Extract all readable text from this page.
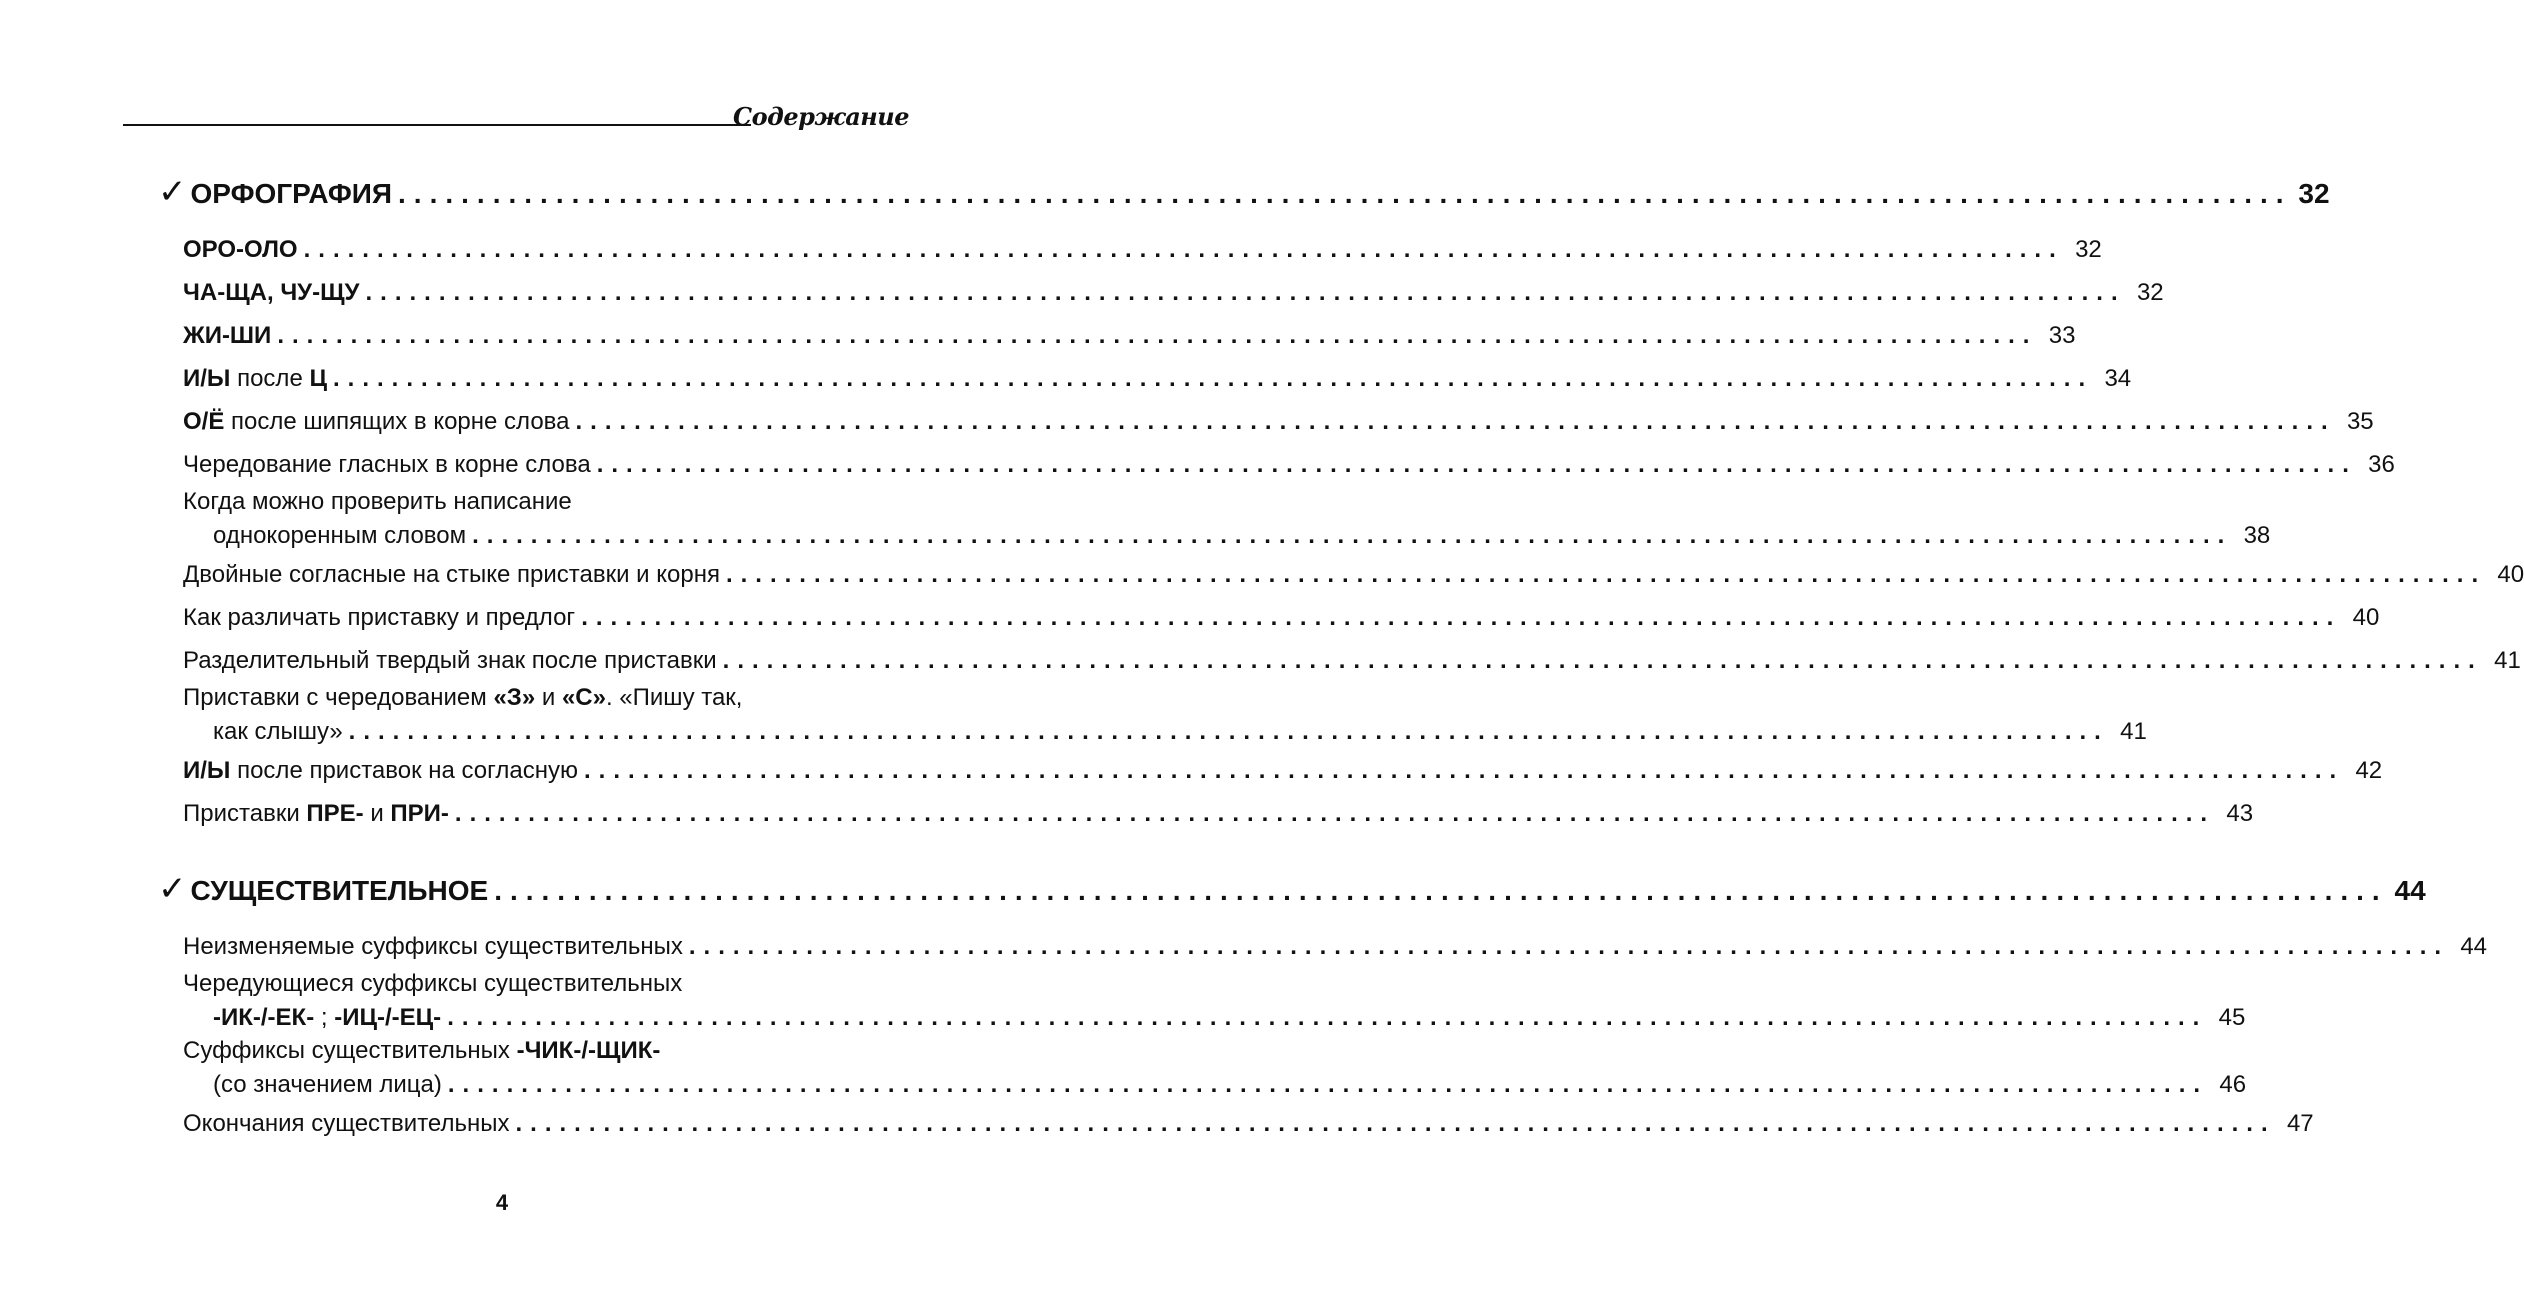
Содержание
✓ ОРФОГРАФИЯ ........................................................................................................................ 32
ОРО-ОЛО ........................................................................................................................ 32
ЧА-ЩА, ЧУ-ЩУ ........................................................................................................................ 32
ЖИ-ШИ ........................................................................................................................ 33
И/Ы после Ц ........................................................................................................................ 34
О/Ё после шипящих в корне слова ........................................................................................................................ 35
Чередование гласных в корне слова ........................................................................................................................ 36
Когда можно проверить написание
однокоренным словом ........................................................................................................................ 38
Двойные согласные на стыке приставки и корня ........................................................................................................................ 40
Как различать приставку и предлог ........................................................................................................................ 40
Разделительный твердый знак после приставки ........................................................................................................................ 41
Приставки с чередованием «З» и «С». «Пишу так,
как слышу» ........................................................................................................................ 41
И/Ы после приставок на согласную ........................................................................................................................ 42
Приставки ПРЕ- и ПРИ- ........................................................................................................................ 43
✓ СУЩЕСТВИТЕЛЬНОЕ ........................................................................................................................ 44
Неизменяемые суффиксы существительных ........................................................................................................................ 44
Чередующиеся суффиксы существительных
-ИК-/-ЕК- ; -ИЦ-/-ЕЦ- ........................................................................................................................ 45
Суффиксы существительных -ЧИК-/-ЩИК-
(со значением лица) ........................................................................................................................ 46
Окончания существительных ........................................................................................................................ 47
4
